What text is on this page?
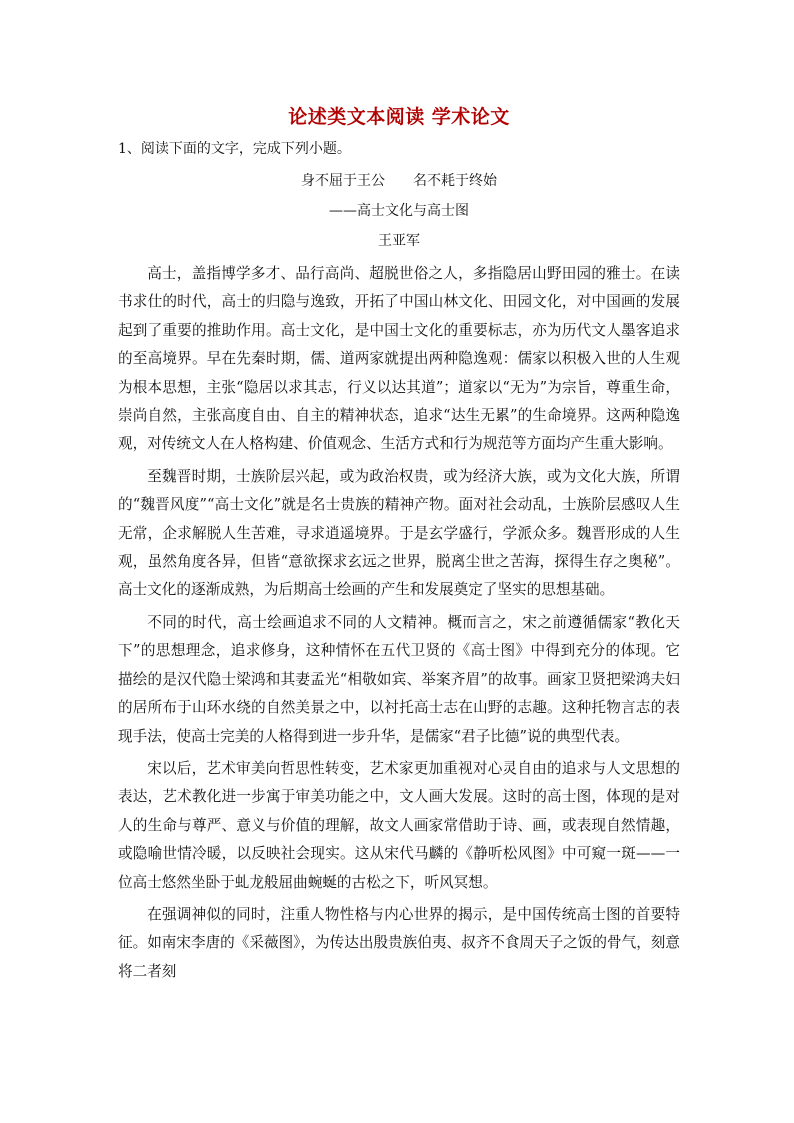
论述类文本阅读 学术论文

1、阅读下面的文字，完成下列小题。

身不屈于王公　　名不耗于终始

——高士文化与高士图

王亚军

高士，盖指博学多才、品行高尚、超脱世俗之人，多指隐居山野田园的雅士。在读书求仕的时代，高士的归隐与逸致，开拓了中国山林文化、田园文化，对中国画的发展起到了重要的推助作用。高士文化，是中国士文化的重要标志，亦为历代文人墨客追求的至高境界。早在先秦时期，儒、道两家就提出两种隐逸观：儒家以积极入世的人生观为根本思想，主张“隐居以求其志，行义以达其道”；道家以“无为”为宗旨，尊重生命，崇尚自然，主张高度自由、自主的精神状态，追求“达生无累”的生命境界。这两种隐逸观，对传统文人在人格构建、价值观念、生活方式和行为规范等方面均产生重大影响。

至魏晋时期，士族阶层兴起，或为政治权贵，或为经济大族，或为文化大族，所谓的“魏晋风度”“高士文化”就是名士贵族的精神产物。面对社会动乱，士族阶层感叹人生无常，企求解脱人生苦难，寻求逍遥境界。于是玄学盛行，学派众多。魏晋形成的人生观，虽然角度各异，但皆“意欲探求玄远之世界，脱离尘世之苦海，探得生存之奥秘”。高士文化的逐渐成熟，为后期高士绘画的产生和发展奠定了坚实的思想基础。

不同的时代，高士绘画追求不同的人文精神。概而言之，宋之前遵循儒家“教化天下”的思想理念，追求修身，这种情怀在五代卫贤的《高士图》中得到充分的体现。它描绘的是汉代隐士梁鸿和其妻孟光“相敬如宾、举案齐眉”的故事。画家卫贤把梁鸿夫妇的居所布于山环水绕的自然美景之中，以衬托高士志在山野的志趣。这种托物言志的表现手法，使高士完美的人格得到进一步升华，是儒家“君子比德”说的典型代表。

宋以后，艺术审美向哲思性转变，艺术家更加重视对心灵自由的追求与人文思想的表达，艺术教化进一步寓于审美功能之中，文人画大发展。这时的高士图，体现的是对人的生命与尊严、意义与价值的理解，故文人画家常借助于诗、画，或表现自然情趣，或隐喻世情冷暖，以反映社会现实。这从宋代马麟的《静听松风图》中可窥一斑——一位高士悠然坐卧于虬龙般屈曲蜿蜒的古松之下，听风冥想。

在强调神似的同时，注重人物性格与内心世界的揭示，是中国传统高士图的首要特征。如南宋李唐的《采薇图》，为传达出殷贵族伯夷、叔齐不食周天子之饭的骨气，刻意将二者刻
